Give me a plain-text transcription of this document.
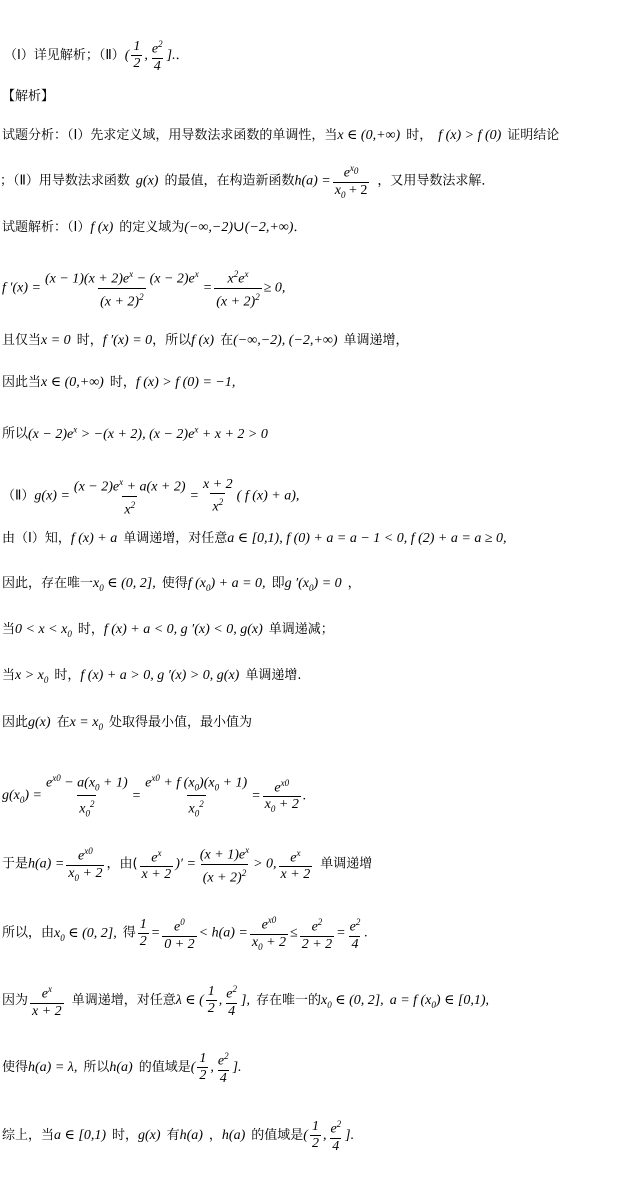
（Ⅰ）详见解析；（Ⅱ）( $\frac{1}{2}$ , $\frac{e^2}{4}$ ].．
【解析】
试题分析：（Ⅰ）先求定义域，用导数法求函数的单调性，当x ∈ (0,+∞) 时， f (x) > f (0) 证明结论
；（Ⅱ）用导数法求函数 g(x) 的最值，在构造新函数$h(a) = \frac{e^{x_0}}{x_0 + 2}$ ，又用导数法求解．
试题解析：（Ⅰ）f (x) 的定义域为(−∞,−2)∪(−2,+∞)．
f $'(x) = \frac{(x - 1)(x + 2)e^x - (x - 2)e^x}{(x + 2)^2} = \frac{x^2e^x}{(x + 2)^2} \ge 0$,
且仅当x = 0 时，f ′(x) = 0，所以f (x) 在(−∞,−2), (−2,+∞) 单调递增，
因此当x ∈ (0,+∞) 时，f (x) > f (0) = −1,
所以$(x - 2)e^x > -(x + 2)$, $(x - 2)e^x + x + 2 > 0$
（Ⅱ）g(x) = $\frac{(x - 2)e^x + a(x + 2)}{x^2} = \frac{x + 2}{x^2}$ ( f (x) + a),
由（Ⅰ）知，f (x) + a 单调递增，对任意a ∈ [0,1), f (0) + a = a − 1 < 0, f (2) + a = a ≥ 0,
因此，存在唯一$x_0$ ∈ (0, 2], 使得f $(x_0) + a = 0$, 即g $'(x_0) = 0$ ，
当$0 < x < x_0$ 时，f (x) + a < 0, g ′(x) < 0, g(x) 单调递减；
当$x > x_0$ 时，f (x) + a > 0, g ′(x) > 0, g(x) 单调递增.
因此g(x) 在$x = x_0$ 处取得最小值，最小值为
$g(x_0) = \frac{e^{x0} - a(x_0 + 1)}{x_0^2} = \frac{e^{x0} + f (x_0)(x_0 + 1)}{x_0^2} = \frac{e^{x0}}{x_0 + 2}$ .
于是$h(a) = \frac{e^{x0}}{x_0 + 2}$ ，由( $\frac{e^x}{x + 2}$ )′ = $\frac{(x + 1)e^x}{(x + 2)^2} > 0$, $\frac{e^x}{x + 2}$ 单调递增
所以，由$x_0$ ∈ (0, 2], 得 $\frac{1}{2} = \frac{e^0}{0 + 2} < h(a) = \frac{e^{x0}}{x_0 + 2} \le \frac{e^2}{2 + 2} = \frac{e^2}{4}$ .
因为 $\frac{e^x}{x + 2}$ 单调递增，对任意λ ∈ ( $\frac{1}{2}$ , $\frac{e^2}{4}$ ], 存在唯一的$x_0$ ∈ (0, 2], a = f $(x_0)$ ∈ [0,1),
使得h(a) = λ, 所以h(a) 的值域是( $\frac{1}{2}$ , $\frac{e^2}{4}$ ].
综上，当a ∈ [0,1) 时，g(x) 有h(a) ，h(a) 的值域是( $\frac{1}{2}$ , $\frac{e^2}{4}$ ].
